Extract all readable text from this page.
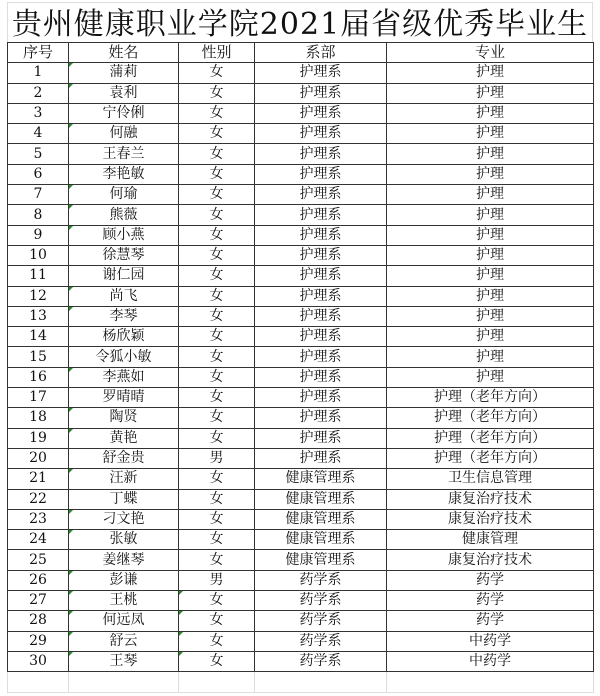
贵州健康职业学院2021届省级优秀毕业生
序号	姓名	性别	系部	专业
1	蒲莉	女	护理系	护理
2	袁利	女	护理系	护理
3	宁伶俐	女	护理系	护理
4	何融	女	护理系	护理
5	王春兰	女	护理系	护理
6	李艳敏	女	护理系	护理
7	何瑜	女	护理系	护理
8	熊薇	女	护理系	护理
9	顾小燕	女	护理系	护理
10	徐慧琴	女	护理系	护理
11	谢仁园	女	护理系	护理
12	尚飞	女	护理系	护理
13	李琴	女	护理系	护理
14	杨欣颖	女	护理系	护理
15	令狐小敏	女	护理系	护理
16	李燕如	女	护理系	护理
17	罗晴晴	女	护理系	护理（老年方向）
18	陶贤	女	护理系	护理（老年方向）
19	黄艳	女	护理系	护理（老年方向）
20	舒金贵	男	护理系	护理（老年方向）
21	汪新	女	健康管理系	卫生信息管理
22	丁蝶	女	健康管理系	康复治疗技术
23	刁文艳	女	健康管理系	康复治疗技术
24	张敏	女	健康管理系	健康管理
25	姜继琴	女	健康管理系	康复治疗技术
26	彭谦	男	药学系	药学
27	王桃	女	药学系	药学
28	何远凤	女	药学系	药学
29	舒云	女	药学系	中药学
30	王琴	女	药学系	中药学
